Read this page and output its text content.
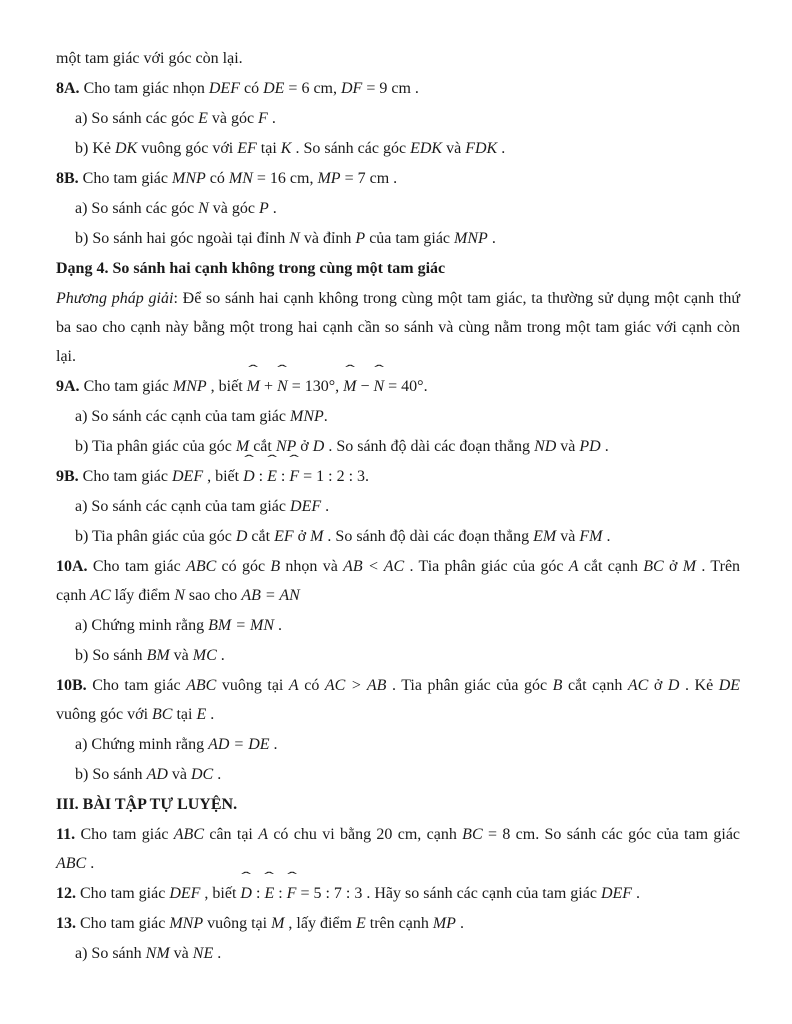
một tam giác với góc còn lại.

8A. Cho tam giác nhọn DEF có DE = 6 cm, DF = 9 cm .

a) So sánh các góc E và góc F .

b) Kẻ DK vuông góc với EF tại K . So sánh các góc EDK và FDK .

8B. Cho tam giác MNP có MN = 16 cm, MP = 7 cm .

a) So sánh các góc N và góc P .

b) So sánh hai góc ngoài tại đỉnh N và đỉnh P của tam giác MNP .

Dạng 4. So sánh hai cạnh không trong cùng một tam giác

Phương pháp giải: Để so sánh hai cạnh không trong cùng một tam giác, ta thường sử dụng một cạnh thứ ba sao cho cạnh này bằng một trong hai cạnh cần so sánh và cùng nằm trong một tam giác với cạnh còn lại.

9A. Cho tam giác MNP , biết ˆ M + ˆ N = 130°, ˆ M − ˆ N = 40°.

a) So sánh các cạnh của tam giác MNP.

b) Tia phân giác của góc M cắt NP ở D . So sánh độ dài các đoạn thẳng ND và PD .

9B. Cho tam giác DEF , biết ˆ D : ˆ E : ˆ F = 1 : 2 : 3.

a) So sánh các cạnh của tam giác DEF .

b) Tia phân giác của góc D cắt EF ở M . So sánh độ dài các đoạn thẳng EM và FM .

10A. Cho tam giác ABC có góc B nhọn và AB < AC . Tia phân giác của góc A cắt cạnh BC ở M . Trên cạnh AC lấy điểm N sao cho AB = AN

a) Chứng minh rằng BM = MN .

b) So sánh BM và MC .

10B. Cho tam giác ABC vuông tại A có AC > AB . Tia phân giác của góc B cắt cạnh AC ở D . Kẻ DE vuông góc với BC tại E .

a) Chứng minh rằng AD = DE .

b) So sánh AD và DC .

III. BÀI TẬP TỰ LUYỆN.

11. Cho tam giác ABC cân tại A có chu vi bằng 20 cm, cạnh BC = 8 cm. So sánh các góc của tam giác ABC .

12. Cho tam giác DEF , biết ˆ D : ˆ E : ˆ F = 5 : 7 : 3 . Hãy so sánh các cạnh của tam giác DEF .

13. Cho tam giác MNP vuông tại M , lấy điểm E trên cạnh MP .

a) So sánh NM và NE .
